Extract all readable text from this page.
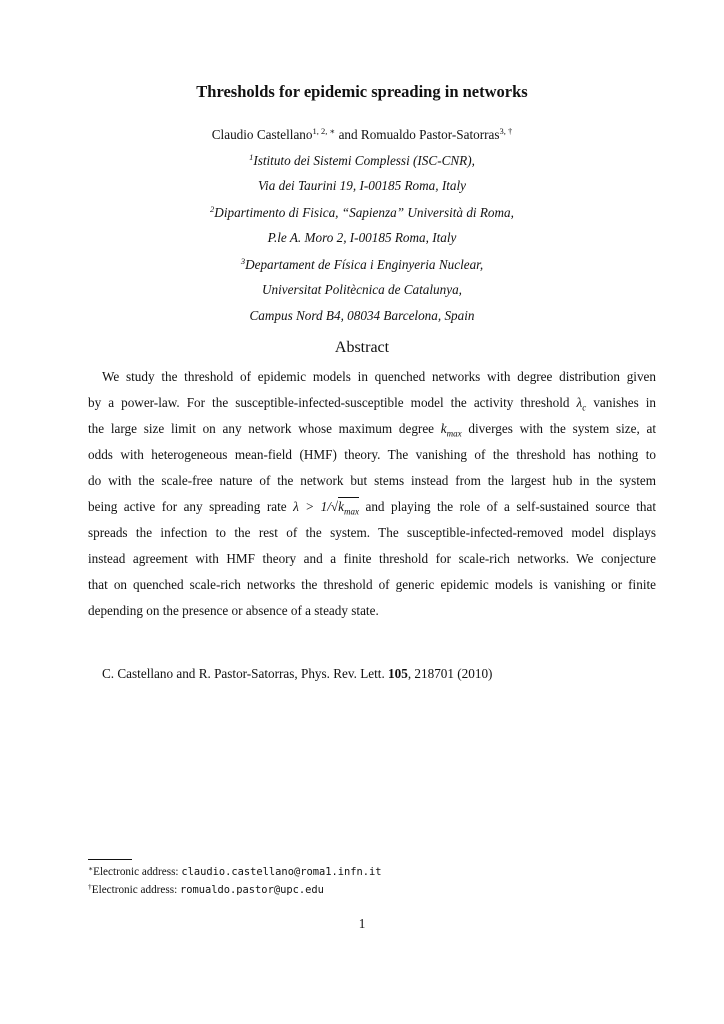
Thresholds for epidemic spreading in networks
Claudio Castellano$^{1, 2, ∗}$ and Romualdo Pastor-Satorras$^{3, \dagger}$
$^1$Istituto dei Sistemi Complessi (ISC-CNR),
Via dei Taurini 19, I-00185 Roma, Italy
$^2$Dipartimento di Fisica, “Sapienza” Università di Roma,
P.le A. Moro 2, I-00185 Roma, Italy
$^3$Departament de Física i Enginyeria Nuclear,
Universitat Politècnica de Catalunya,
Campus Nord B4, 08034 Barcelona, Spain
Abstract
We study the threshold of epidemic models in quenched networks with degree distribution given
by a power-law. For the susceptible-infected-susceptible model the activity threshold $\lambda_c$ vanishes in
the large size limit on any network whose maximum degree $k_{max}$ diverges with the system size, at
odds with heterogeneous mean-field (HMF) theory. The vanishing of the threshold has nothing to
do with the scale-free nature of the network but stems instead from the largest hub in the system
being active for any spreading rate $\lambda > 1/√k_{max}$ and playing the role of a self-sustained source that
spreads the infection to the rest of the system. The susceptible-infected-removed model displays
instead agreement with HMF theory and a finite threshold for scale-rich networks. We conjecture
that on quenched scale-rich networks the threshold of generic epidemic models is vanishing or finite
depending on the presence or absence of a steady state.
C. Castellano and R. Pastor-Satorras, Phys. Rev. Lett. 105, 218701 (2010)
∗Electronic address: claudio.castellano@roma1.infn.it
†Electronic address: romualdo.pastor@upc.edu
1
